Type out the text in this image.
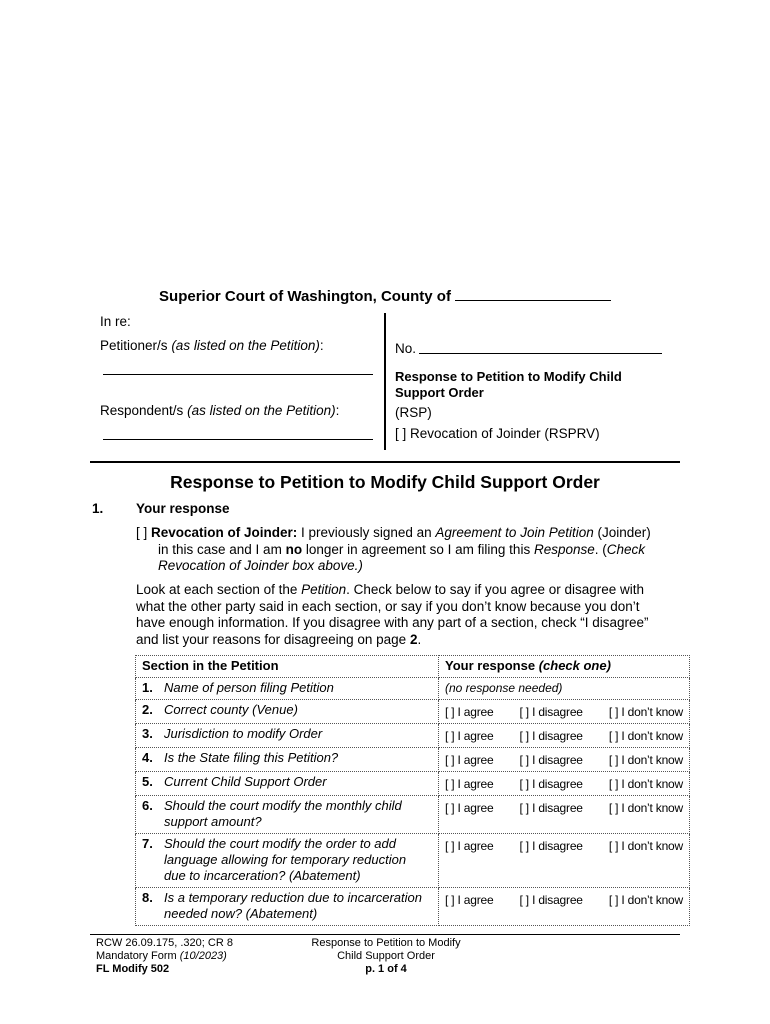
Superior Court of Washington, County of
In re:
Petitioner/s (as listed on the Petition):
Respondent/s (as listed on the Petition):
No.
Response to Petition to Modify Child
Support Order
(RSP)
[ ] Revocation of Joinder (RSPRV)
Response to Petition to Modify Child Support Order
1. Your response
[ ] Revocation of Joinder: I previously signed an Agreement to Join Petition (Joinder)
in this case and I am no longer in agreement so I am filing this Response. (Check
Revocation of Joinder box above.)
Look at each section of the Petition. Check below to say if you agree or disagree with
what the other party said in each section, or say if you don’t know because you don’t
have enough information. If you disagree with any part of a section, check “I disagree”
and list your reasons for disagreeing on page 2.
Section in the Petition	Your response (check one)
1. Name of person filing Petition	(no response needed)
2. Correct county (Venue)	[ ] I agree [ ] I disagree [ ] I don’t know

3. Jurisdiction to modify Order	[ ] I agree [ ] I disagree [ ] I don’t know

4. Is the State filing this Petition?	[ ] I agree [ ] I disagree [ ] I don’t know

5. Current Child Support Order	[ ] I agree [ ] I disagree [ ] I don’t know

6. Should the court modify the monthly child support amount?	[ ] I agree [ ] I disagree [ ] I don’t know

7. Should the court modify the order to add language allowing for temporary reduction due to incarceration? (Abatement)	[ ] I agree [ ] I disagree [ ] I don’t know

8. Is a temporary reduction due to incarceration needed now? (Abatement)	[ ] I agree [ ] I disagree [ ] I don’t know
RCW 26.09.175, .320; CR 8
Mandatory Form (10/2023)
FL Modify 502
Response to Petition to Modify
Child Support Order
p. 1 of 4
